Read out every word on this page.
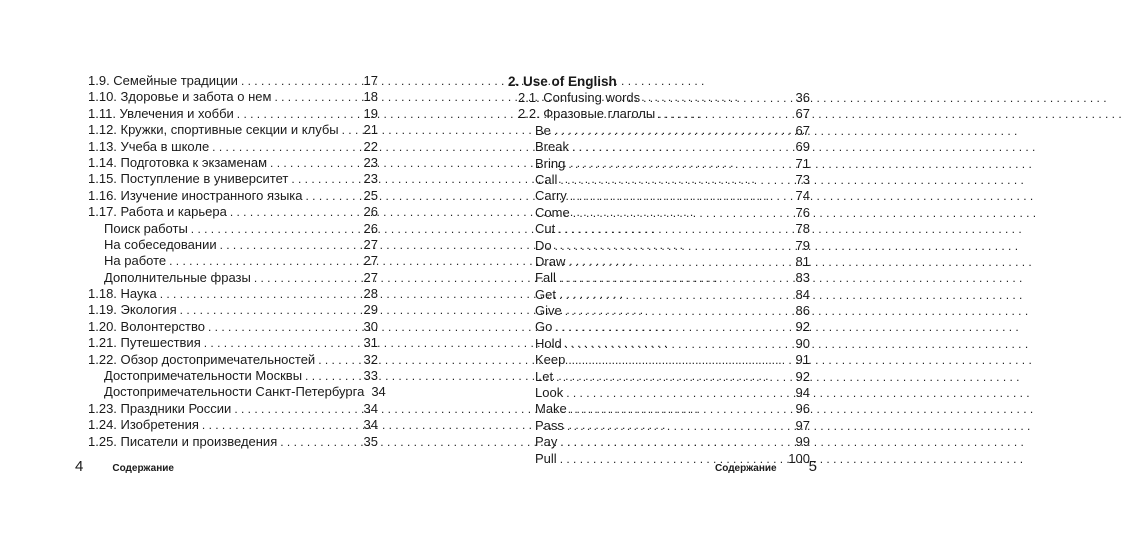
1.9. Семейные традиции . . .	17
1.10. Здоровье и забота о нем . . .	18
1.11. Увлечения и хобби . . .	19
1.12. Кружки, спортивные секции и клубы . . . 21
1.13. Учеба в школе . . .	22
1.14. Подготовка к экзаменам . . .	23
1.15. Поступление в университет . . .	23
1.16. Изучение иностранного языка . . .	25
1.17. Работа и карьера . . .	26
Поиск работы . . .	26
На собеседовании . . .	27
На работе . . .	27
Дополнительные фразы . . .	27
1.18. Наука . . .	28
1.19. Экология . . .	29
1.20. Волонтерство . . .	30
1.21. Путешествия . . .	31
1.22. Обзор достопримечательностей . . .	32
Достопримечательности Москвы . . .	33
Достопримечательности Санкт-Петербурга 34
1.23. Праздники России . . .	34
1.24. Изобретения . . .	34
1.25. Писатели и произведения . . .	35
2. Use of English
2.1. Confusing words . . .	36
2.2. Фразовые глаголы . . .	67
Be . . .	67
Break . . .	69
Bring . . .	71
Call . . .	73
Carry . . .	74
Come . . .	76
Cut . . .	78
Do . . .	79
Draw . . .	81
Fall . . .	83
Get . . .	84
Give . . .	86
Go . . .	92
Hold . . .	90
Keep . . .	91
Let . . .	92
Look . . .	94
Make . . .	96
Pass . . .	97
Pay . . .	99
Pull . . .	100
4	Содержание	Содержание 5
